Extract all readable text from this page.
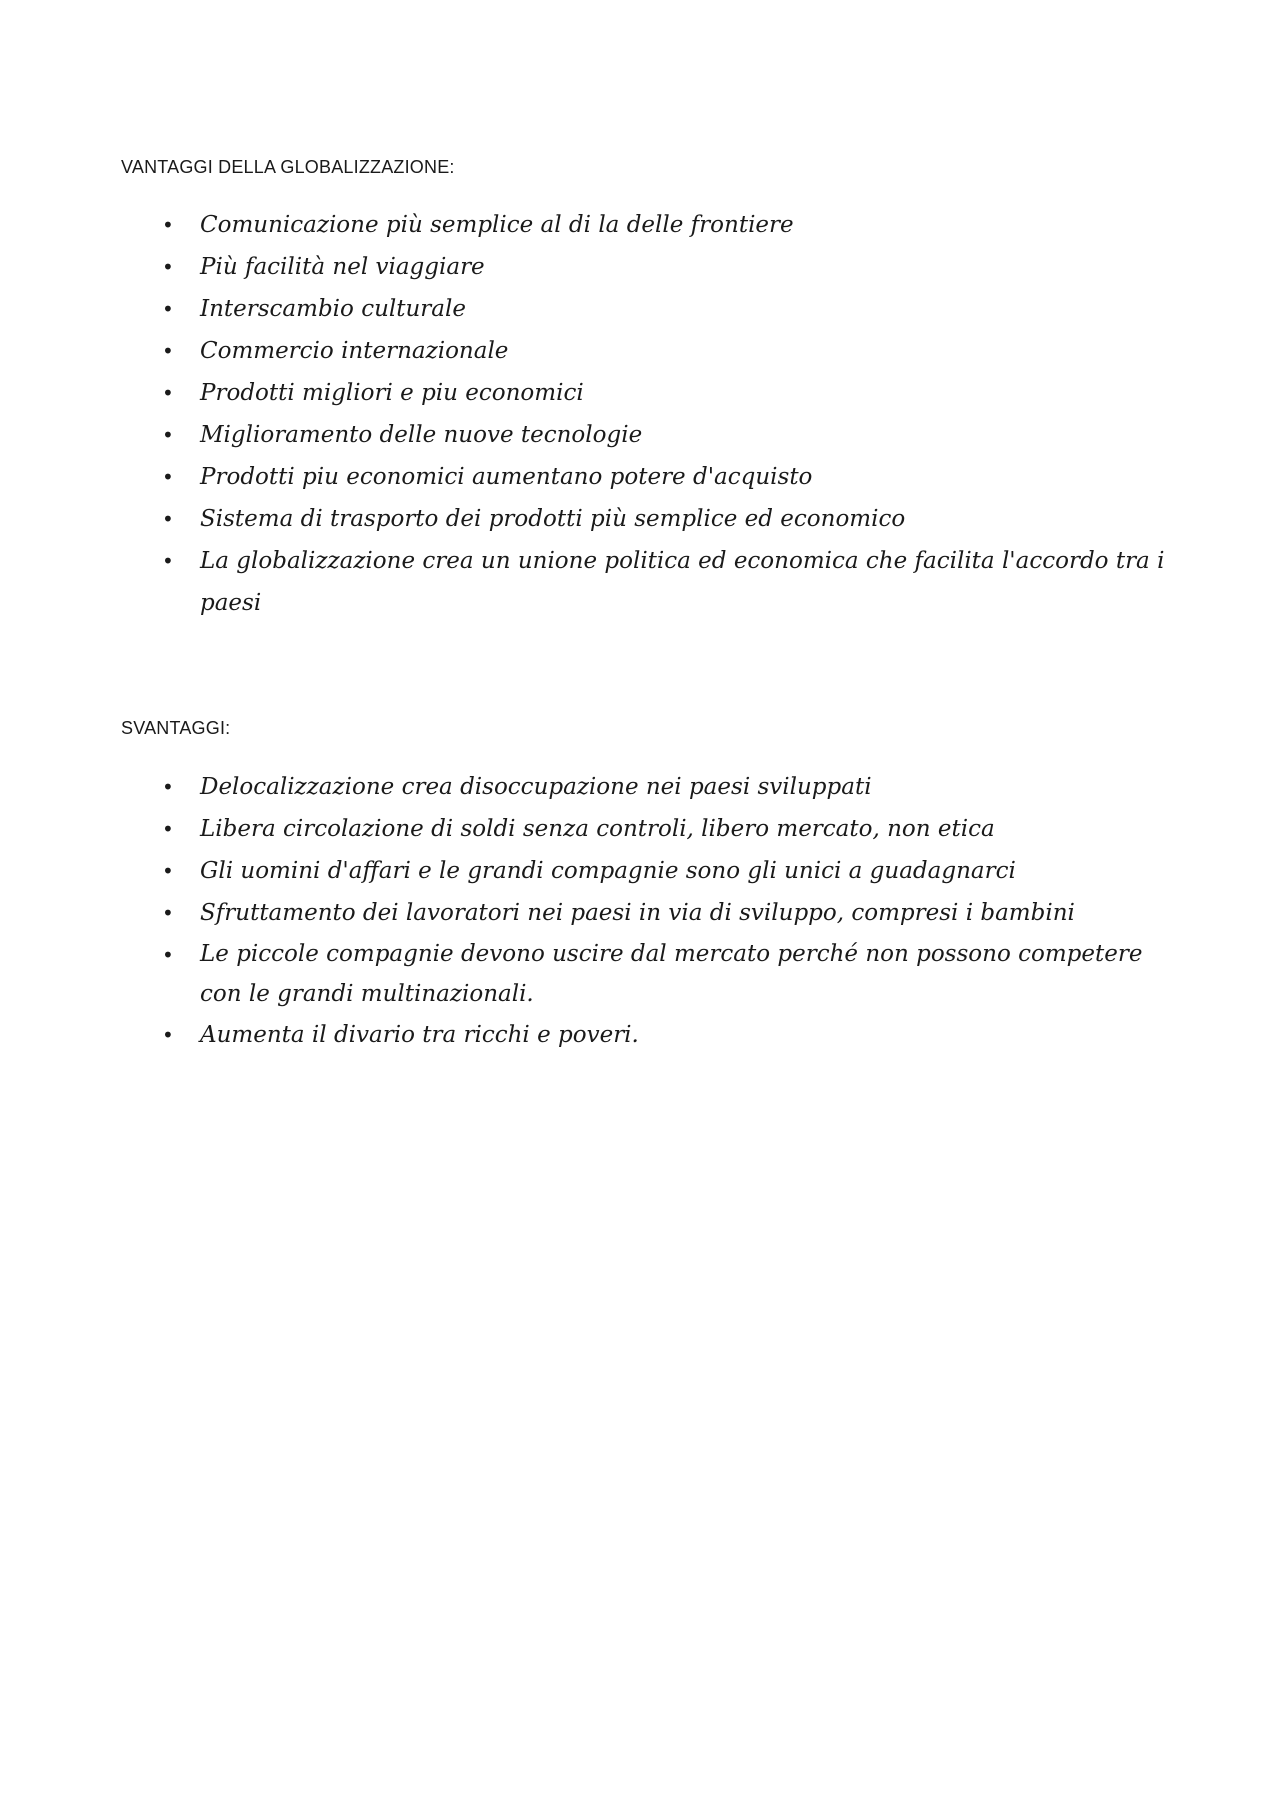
VANTAGGI DELLA GLOBALIZZAZIONE:
• Comunicazione più semplice al di la delle frontiere
• Più facilità nel viaggiare
• Interscambio culturale
• Commercio internazionale
• Prodotti migliori e piu economici
• Miglioramento delle nuove tecnologie
• Prodotti piu economici aumentano potere d'acquisto
• Sistema di trasporto dei prodotti più semplice ed economico
• La globalizzazione crea un unione politica ed economica che facilita l'accordo tra i paesi
SVANTAGGI:
• Delocalizzazione crea disoccupazione nei paesi sviluppati
• Libera circolazione di soldi senza controli, libero mercato, non etica
• Gli uomini d'affari e le grandi compagnie sono gli unici a guadagnarci
• Sfruttamento dei lavoratori nei paesi in via di sviluppo, compresi i bambini
• Le piccole compagnie devono uscire dal mercato perché non possono competere con le grandi multinazionali.
• Aumenta il divario tra ricchi e poveri.
